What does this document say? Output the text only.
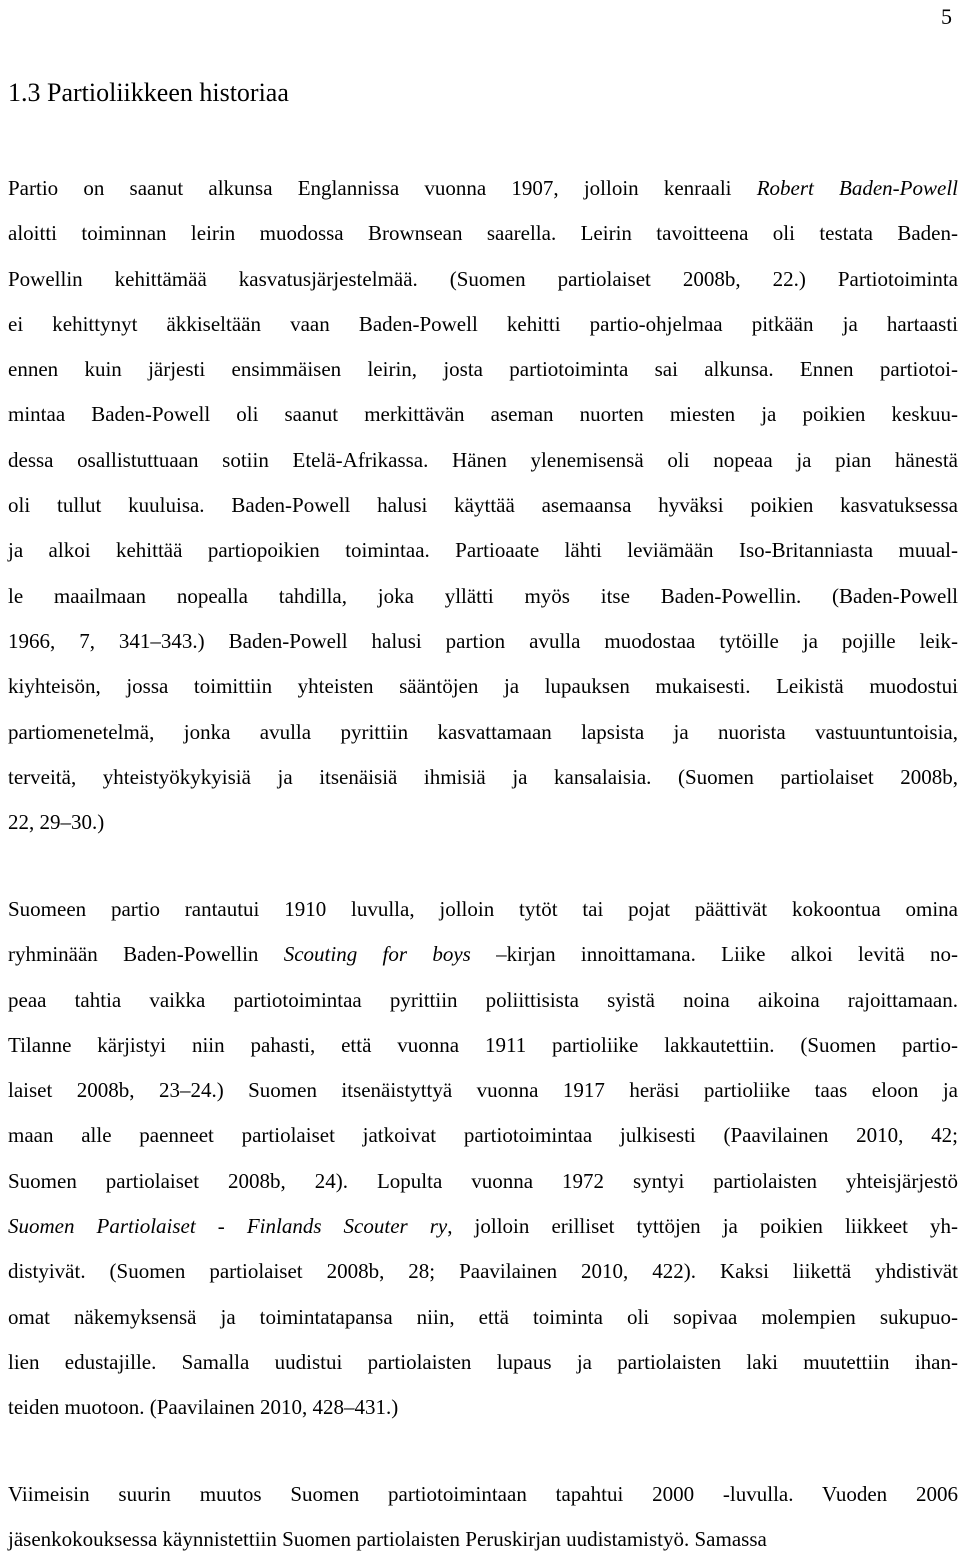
5
1.3 Partioliikkeen historiaa
Partio on saanut alkunsa Englannissa vuonna 1907, jolloin kenraali Robert Baden-Powell
aloitti toiminnan leirin muodossa Brownsean saarella. Leirin tavoitteena oli testata Baden-
Powellin kehittämää kasvatusjärjestelmää. (Suomen partiolaiset 2008b, 22.) Partiotoiminta
ei kehittynyt äkkiseltään vaan Baden-Powell kehitti partio-ohjelmaa pitkään ja hartaasti
ennen kuin järjesti ensimmäisen leirin, josta partiotoiminta sai alkunsa. Ennen partiotoi-
mintaa Baden-Powell oli saanut merkittävän aseman nuorten miesten ja poikien keskuu-
dessa osallistuttuaan sotiin Etelä-Afrikassa. Hänen ylenemisensä oli nopeaa ja pian hänestä
oli tullut kuuluisa. Baden-Powell halusi käyttää asemaansa hyväksi poikien kasvatuksessa
ja alkoi kehittää partiopoikien toimintaa. Partioaate lähti leviämään Iso-Britanniasta muual-
le maailmaan nopealla tahdilla, joka yllätti myös itse Baden-Powellin. (Baden-Powell
1966, 7, 341–343.) Baden-Powell halusi partion avulla muodostaa tytöille ja pojille leik-
kiyhteisön, jossa toimittiin yhteisten sääntöjen ja lupauksen mukaisesti. Leikistä muodostui
partiomenetelmä, jonka avulla pyrittiin kasvattamaan lapsista ja nuorista vastuuntuntoisia,
terveitä, yhteistyökykyisiä ja itsenäisiä ihmisiä ja kansalaisia. (Suomen partiolaiset 2008b,
22, 29–30.)
Suomeen partio rantautui 1910 luvulla, jolloin tytöt tai pojat päättivät kokoontua omina
ryhminään Baden-Powellin Scouting for boys –kirjan innoittamana. Liike alkoi levitä no-
peaa tahtia vaikka partiotoimintaa pyrittiin poliittisista syistä noina aikoina rajoittamaan.
Tilanne kärjistyi niin pahasti, että vuonna 1911 partioliike lakkautettiin. (Suomen partio-
laiset 2008b, 23–24.) Suomen itsenäistyttyä vuonna 1917 heräsi partioliike taas eloon ja
maan alle paenneet partiolaiset jatkoivat partiotoimintaa julkisesti (Paavilainen 2010, 42;
Suomen partiolaiset 2008b, 24). Lopulta vuonna 1972 syntyi partiolaisten yhteisjärjestö
Suomen Partiolaiset - Finlands Scouter ry, jolloin erilliset tyttöjen ja poikien liikkeet yh-
distyivät. (Suomen partiolaiset 2008b, 28; Paavilainen 2010, 422). Kaksi liikettä yhdistivät
omat näkemyksensä ja toimintatapansa niin, että toiminta oli sopivaa molempien sukupuo-
lien edustajille. Samalla uudistui partiolaisten lupaus ja partiolaisten laki muutettiin ihan-
teiden muotoon. (Paavilainen 2010, 428–431.)
Viimeisin suurin muutos Suomen partiotoimintaan tapahtui 2000 -luvulla. Vuoden 2006
jäsenkokouksessa käynnistettiin Suomen partiolaisten Peruskirjan uudistamistyö. Samassa
